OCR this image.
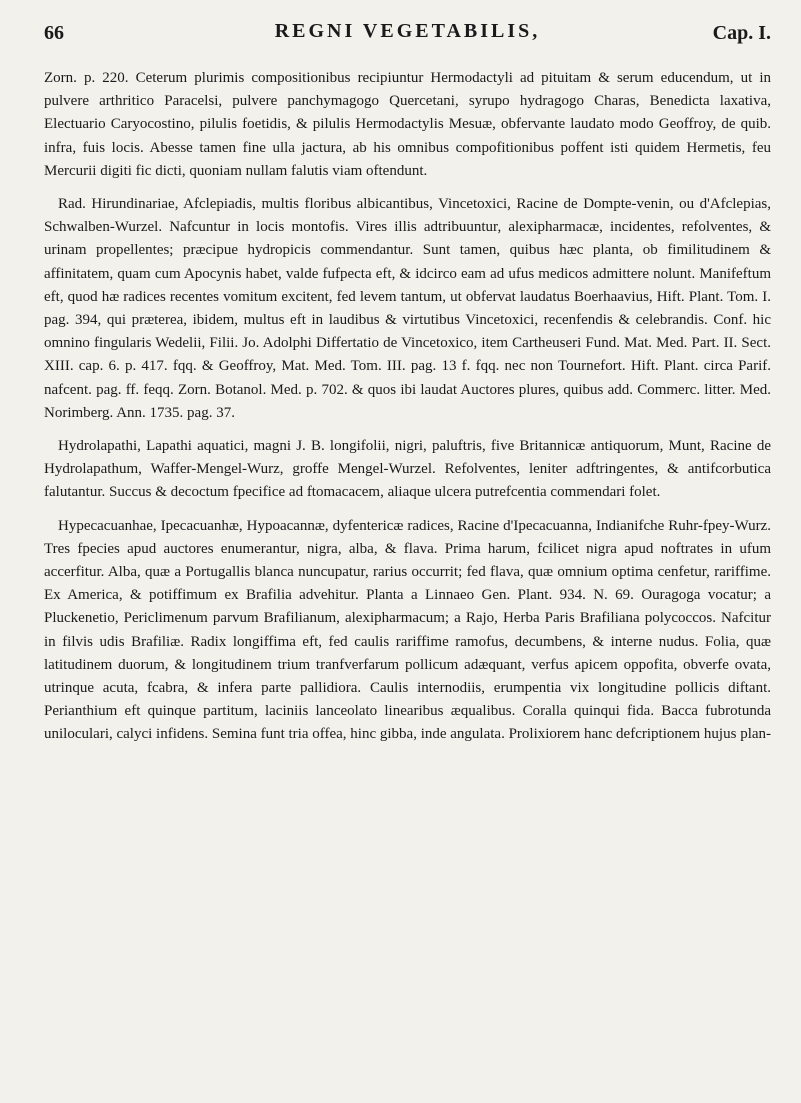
66	REGNI VEGETABILIS,	Cap. I.

Zorn. p. 220. Ceterum plurimis compositionibus recipiuntur Hermodactyli ad pituitam & serum educendum, ut in pulvere arthritico Paracelsi, pulvere panchymagogo Quercetani, syrupo hydragogo Charas, Benedicta laxativa, Electuario Caryocostino, pilulis foetidis, & pilulis Hermodactylis Mesuæ, obfervante laudato modo Geoffroy, de quib. infra, fuis locis. Abesse tamen fine ulla jactura, ab his omnibus compofitionibus poffent isti quidem Hermetis, feu Mercurii digiti fic dicti, quoniam nullam falutis viam oftendunt.

Rad. Hirundinariae, Afclepiadis, multis floribus albicantibus, Vincetoxici, Racine de Dompte-venin, ou d'Afclepias, Schwalben-Wurzel. Nafcuntur in locis montofis. Vires illis adtribuuntur, alexipharmacæ, incidentes, refolventes, & urinam propellentes; præcipue hydropicis commendantur. Sunt tamen, quibus hæc planta, ob fimilitudinem & affinitatem, quam cum Apocynis habet, valde fufpecta eft, & idcirco eam ad ufus medicos admittere nolunt. Manifeftum eft, quod hæ radices recentes vomitum excitent, fed levem tantum, ut obfervat laudatus Boerhaavius, Hift. Plant. Tom. I. pag. 394, qui præterea, ibidem, multus eft in laudibus & virtutibus Vincetoxici, recenfendis & celebrandis. Conf. hic omnino fingularis Wedelii, Filii. Jo. Adolphi Differtatio de Vincetoxico, item Cartheuseri Fund. Mat. Med. Part. II. Sect. XIII. cap. 6. p. 417. fqq. & Geoffroy, Mat. Med. Tom. III. pag. 13 f. fqq. nec non Tournefort. Hift. Plant. circa Parif. nafcent. pag. ff. feqq. Zorn. Botanol. Med. p. 702. & quos ibi laudat Auctores plures, quibus add. Commerc. litter. Med. Norimberg. Ann. 1735. pag. 37.

Hydrolapathi, Lapathi aquatici, magni J. B. longifolii, nigri, paluftris, five Britannicæ antiquorum, Munt, Racine de Hydrolapathum, Waffer-Mengel-Wurz, groffe Mengel-Wurzel. Refolventes, leniter adftringentes, & antifcorbutica falutantur. Succus & decoctum fpecifice ad ftomacacem, aliaque ulcera putrefcentia commendari folet.

Hypecacuanhae, Ipecacuanhæ, Hypoacannæ, dyfentericæ radices, Racine d'Ipecacuanna, Indianifche Ruhr-fpey-Wurz. Tres fpecies apud auctores enumerantur, nigra, alba, & flava. Prima harum, fcilicet nigra apud noftrates in ufum accerfitur. Alba, quæ a Portugallis blanca nuncupatur, rarius occurrit; fed flava, quæ omnium optima cenfetur, rariffime. Ex America, & potiffimum ex Brafilia advehitur. Planta a Linnaeo Gen. Plant. 934. N. 69. Ouragoga vocatur; a Pluckenetio, Periclimenum parvum Brafilianum, alexipharmacum; a Rajo, Herba Paris Brafiliana polycoccos. Nafcitur in filvis udis Brafiliæ. Radix longiffima eft, fed caulis rariffime ramofus, decumbens, & interne nudus. Folia, quæ latitudinem duorum, & longitudinem trium tranfverfarum pollicum adæquant, verfus apicem oppofita, obverfe ovata, utrinque acuta, fcabra, & infera parte pallidiora. Caulis internodiis, erumpentia vix longitudine pollicis diftant. Perianthium eft quinque partitum, laciniis lanceolato linearibus æqualibus. Coralla quinqui fida. Bacca fubrotunda uniloculari, calyci infidens. Semina funt tria offea, hinc gibba, inde angulata. Prolixiorem hanc defcriptionem hujus plan-
